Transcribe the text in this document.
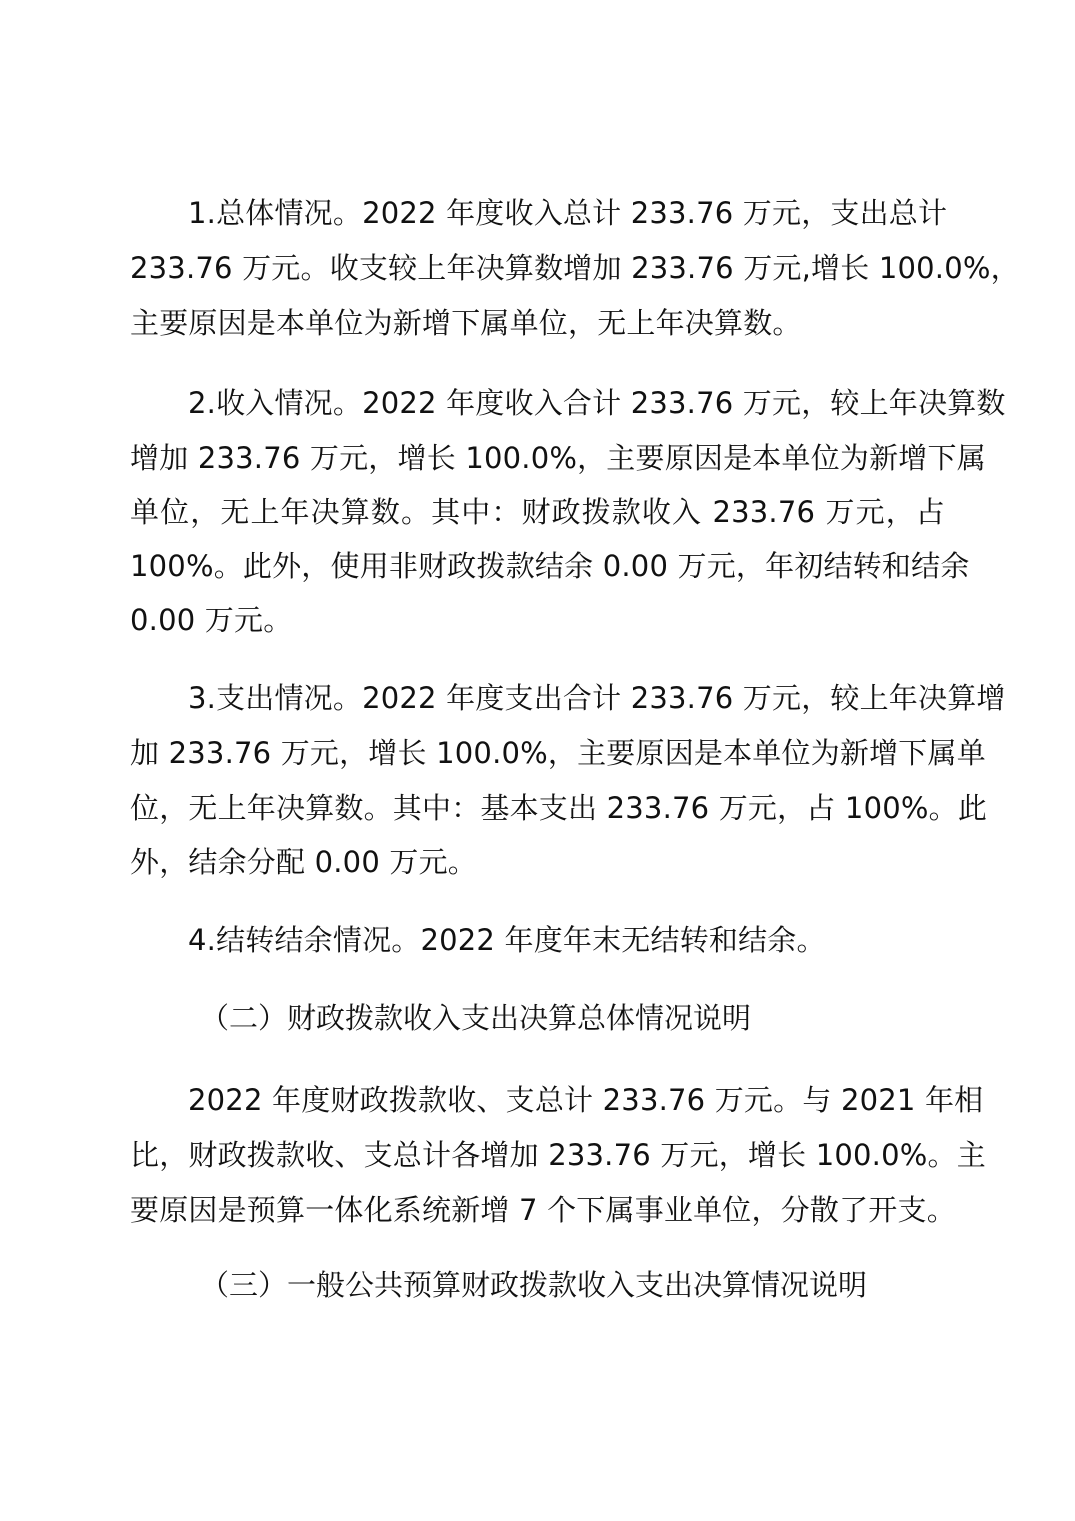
1.总体情况。2022 年度收入总计 233.76 万元，支出总计
233.76 万元。收支较上年决算数增加 233.76 万元,增长 100.0%，
主要原因是本单位为新增下属单位，无上年决算数。
2.收入情况。2022 年度收入合计 233.76 万元，较上年决算数
增加 233.76 万元，增长 100.0%，主要原因是本单位为新增下属
单位，无上年决算数。其中：财政拨款收入 233.76 万元，占
100%。此外，使用非财政拨款结余 0.00 万元，年初结转和结余
0.00 万元。
3.支出情况。2022 年度支出合计 233.76 万元，较上年决算增
加 233.76 万元，增长 100.0%，主要原因是本单位为新增下属单
位，无上年决算数。其中：基本支出 233.76 万元，占 100%。此
外，结余分配 0.00 万元。
4.结转结余情况。2022 年度年末无结转和结余。
（二）财政拨款收入支出决算总体情况说明
2022 年度财政拨款收、支总计 233.76 万元。与 2021 年相
比，财政拨款收、支总计各增加 233.76 万元，增长 100.0%。主
要原因是预算一体化系统新增 7 个下属事业单位，分散了开支。
（三）一般公共预算财政拨款收入支出决算情况说明
